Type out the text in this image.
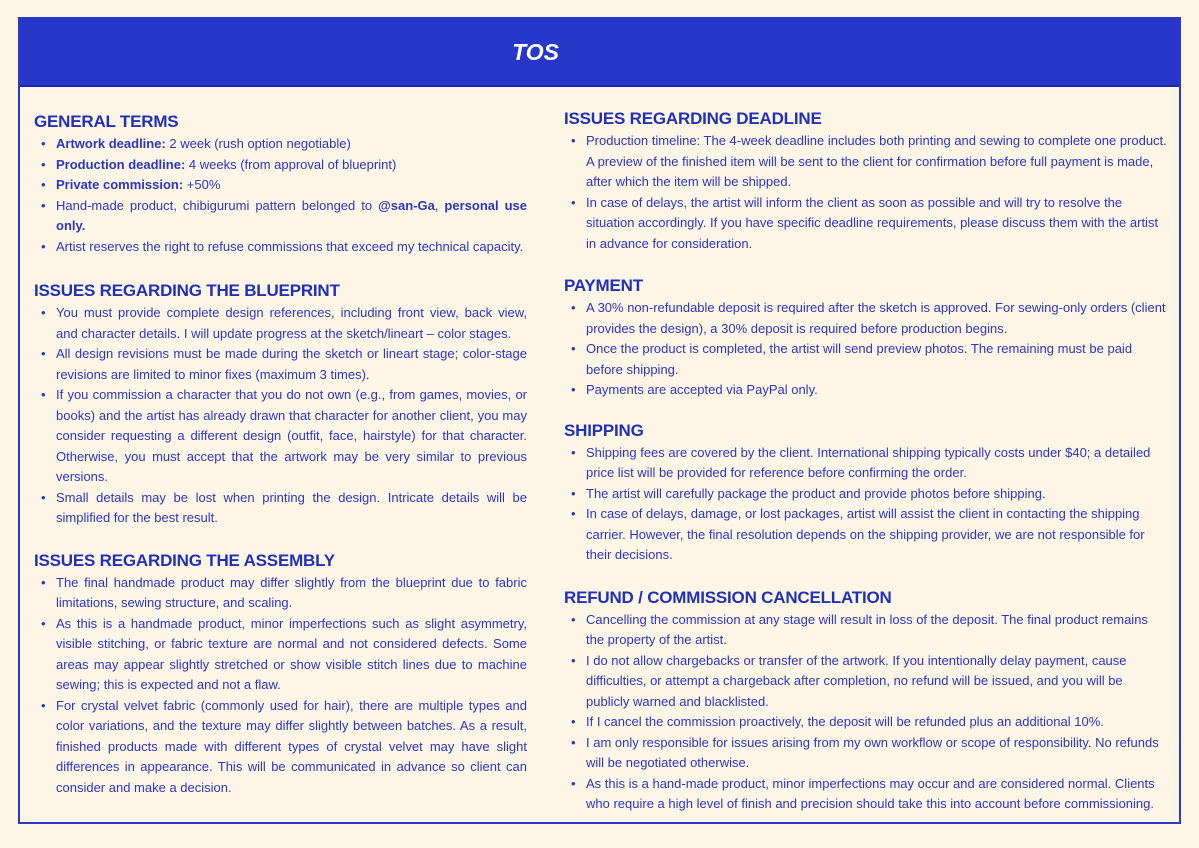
TOS
GENERAL TERMS
• Artwork deadline: 2 week (rush option negotiable)
• Production deadline: 4 weeks (from approval of blueprint)
• Private commission: +50%
• Hand-made product, chibigurumi pattern belonged to @san-Ga, personal use only.
• Artist reserves the right to refuse commissions that exceed my technical capacity.
ISSUES REGARDING THE BLUEPRINT
• You must provide complete design references, including front view, back view, and character details. I will update progress at the sketch/lineart – color stages.
• All design revisions must be made during the sketch or lineart stage; color-stage revisions are limited to minor fixes (maximum 3 times).
• If you commission a character that you do not own (e.g., from games, movies, or books) and the artist has already drawn that character for another client, you may consider requesting a different design (outfit, face, hairstyle) for that character. Otherwise, you must accept that the artwork may be very similar to previous versions.
• Small details may be lost when printing the design. Intricate details will be simplified for the best result.
ISSUES REGARDING THE ASSEMBLY
• The final handmade product may differ slightly from the blueprint due to fabric limitations, sewing structure, and scaling.
• As this is a handmade product, minor imperfections such as slight asymmetry, visible stitching, or fabric texture are normal and not considered defects. Some areas may appear slightly stretched or show visible stitch lines due to machine sewing; this is expected and not a flaw.
• For crystal velvet fabric (commonly used for hair), there are multiple types and color variations, and the texture may differ slightly between batches. As a result, finished products made with different types of crystal velvet may have slight differences in appearance. This will be communicated in advance so client can consider and make a decision.
ISSUES REGARDING DEADLINE
• Production timeline: The 4-week deadline includes both printing and sewing to complete one product. A preview of the finished item will be sent to the client for confirmation before full payment is made, after which the item will be shipped.
• In case of delays, the artist will inform the client as soon as possible and will try to resolve the situation accordingly. If you have specific deadline requirements, please discuss them with the artist in advance for consideration.
PAYMENT
• A 30% non-refundable deposit is required after the sketch is approved. For sewing-only orders (client provides the design), a 30% deposit is required before production begins.
• Once the product is completed, the artist will send preview photos. The remaining must be paid before shipping.
• Payments are accepted via PayPal only.
SHIPPING
• Shipping fees are covered by the client. International shipping typically costs under $40; a detailed price list will be provided for reference before confirming the order.
• The artist will carefully package the product and provide photos before shipping.
• In case of delays, damage, or lost packages, artist will assist the client in contacting the shipping carrier. However, the final resolution depends on the shipping provider, we are not responsible for their decisions.
REFUND / COMMISSION CANCELLATION
• Cancelling the commission at any stage will result in loss of the deposit. The final product remains the property of the artist.
• I do not allow chargebacks or transfer of the artwork. If you intentionally delay payment, cause difficulties, or attempt a chargeback after completion, no refund will be issued, and you will be publicly warned and blacklisted.
• If I cancel the commission proactively, the deposit will be refunded plus an additional 10%.
• I am only responsible for issues arising from my own workflow or scope of responsibility. No refunds will be negotiated otherwise.
• As this is a hand-made product, minor imperfections may occur and are considered normal. Clients who require a high level of finish and precision should take this into account before commissioning.
